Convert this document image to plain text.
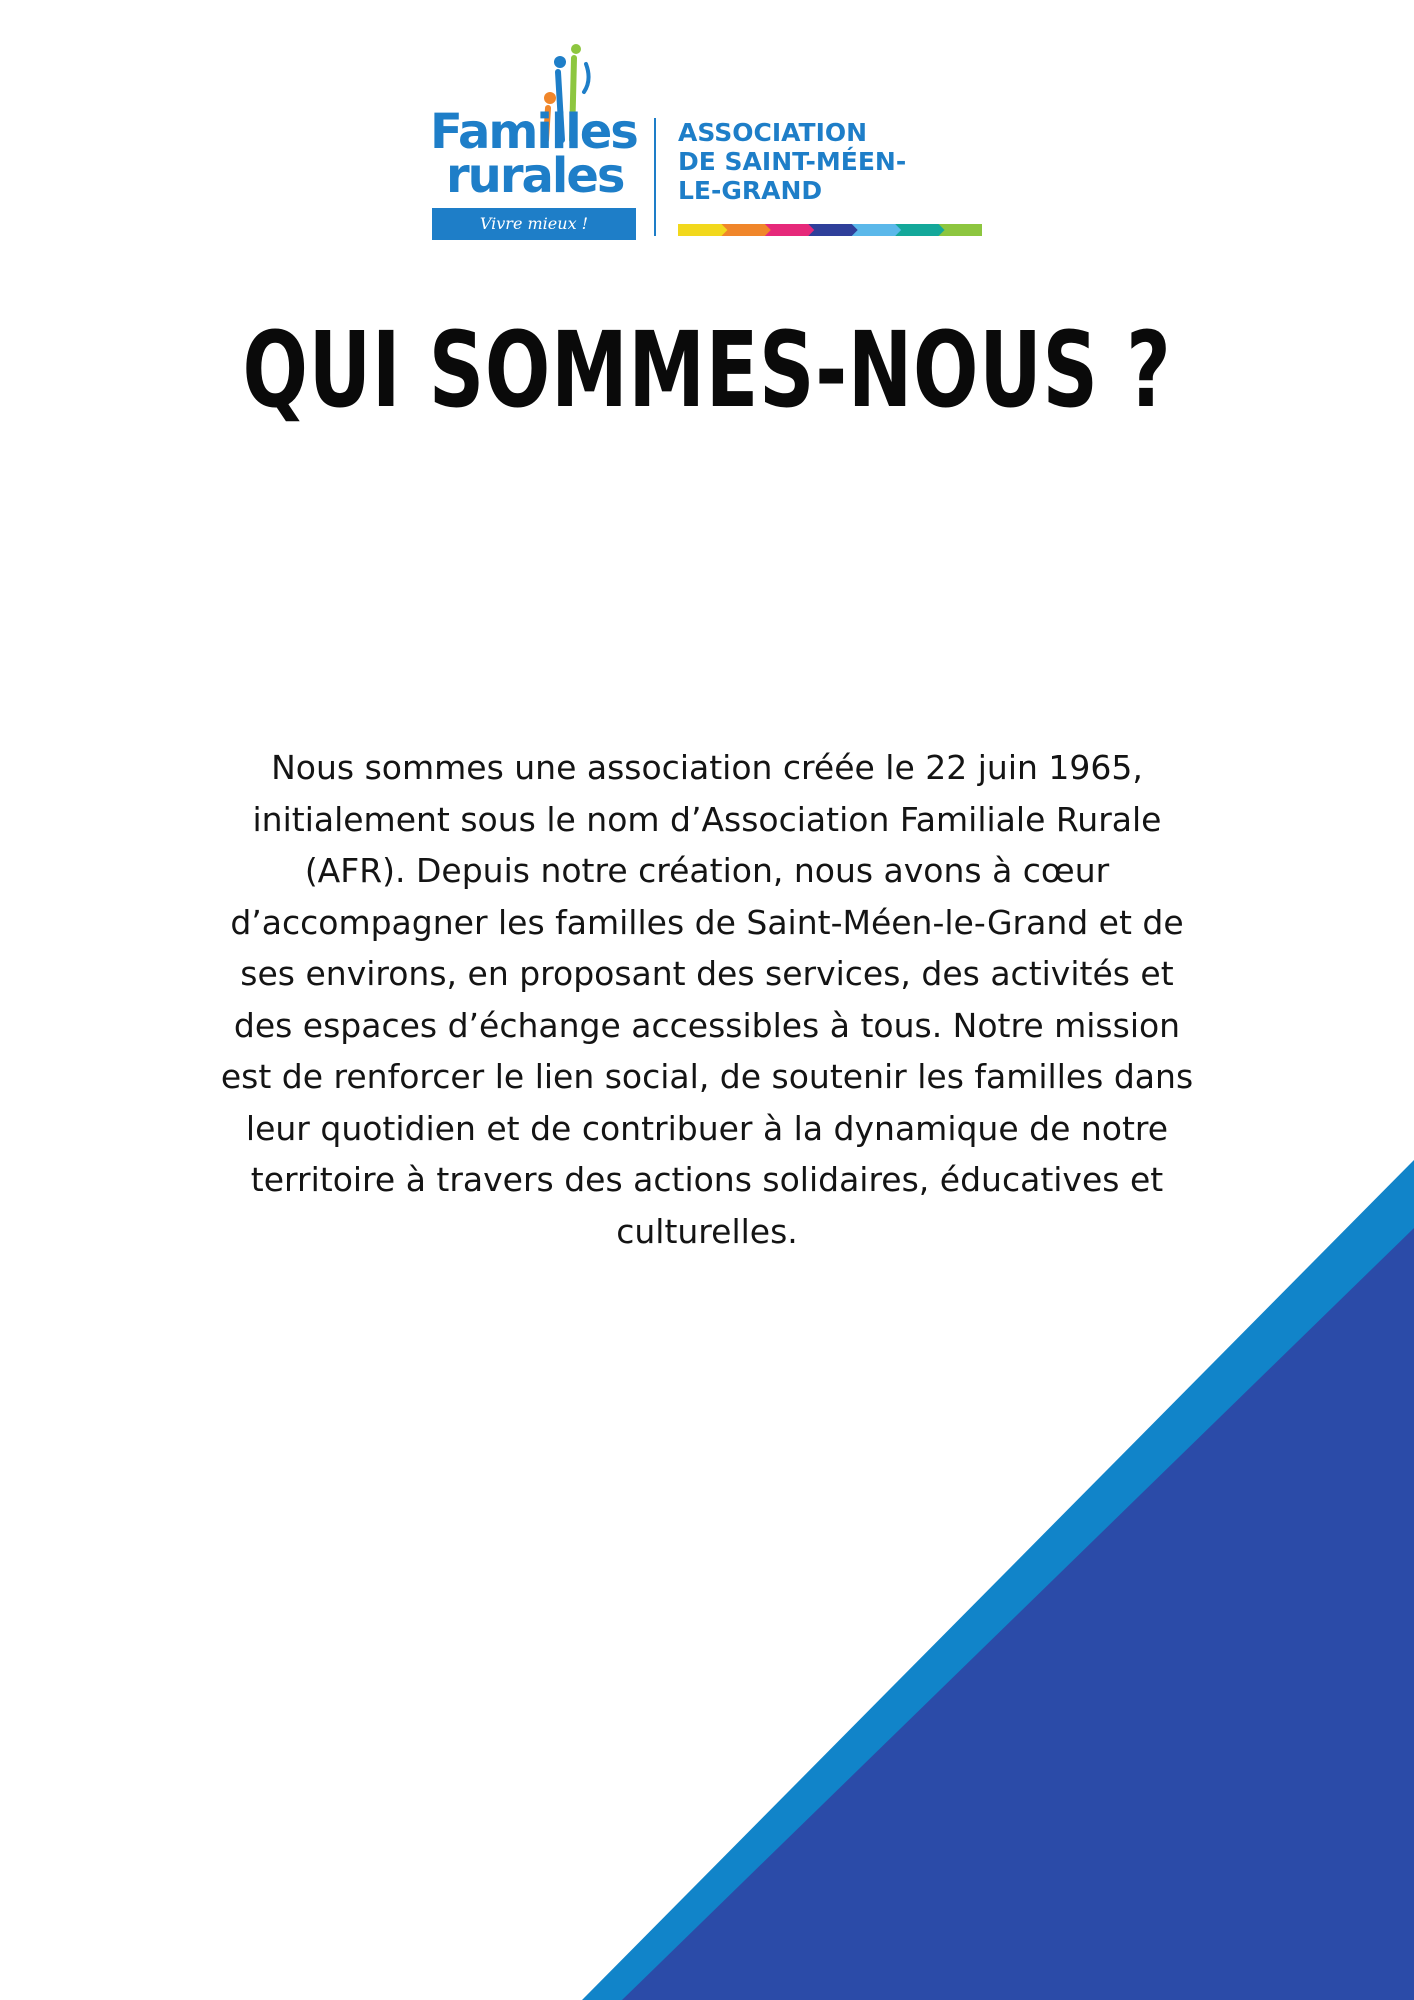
Familles
rurales
Vivre mieux !
ASSOCIATION
DE SAINT-MÉEN-
LE-GRAND
QUI SOMMES-NOUS ?

Nous sommes une association créée le 22 juin 1965,
initialement sous le nom d’Association Familiale Rurale
(AFR). Depuis notre création, nous avons à cœur
d’accompagner les familles de Saint-Méen-le-Grand et de
ses environs, en proposant des services, des activités et
des espaces d’échange accessibles à tous. Notre mission
est de renforcer le lien social, de soutenir les familles dans
leur quotidien et de contribuer à la dynamique de notre
territoire à travers des actions solidaires, éducatives et
culturelles.
